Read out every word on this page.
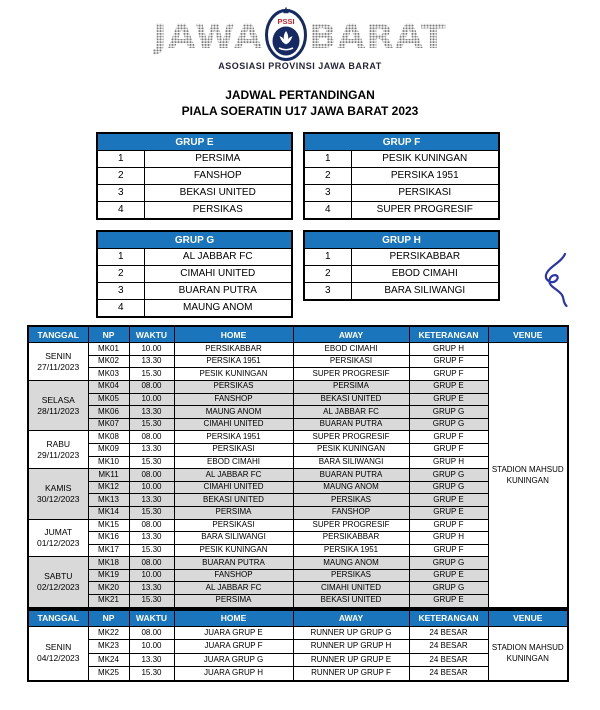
JAWA PSSI BARAT
ASOSIASI PROVINSI JAWA BARAT
JADWAL PERTANDINGAN
PIALA SOERATIN U17 JAWA BARAT 2023
GRUP E	
1	PERSIMA
2	FANSHOP
3	BEKASI UNITED
4	PERSIKAS
GRUP F	
1	PESIK KUNINGAN
2	PERSIKA 1951
3	PERSIKASI
4	SUPER PROGRESIF
GRUP G	
1	AL JABBAR FC
2	CIMAHI UNITED
3	BUARAN PUTRA
4	MAUNG ANOM
GRUP H	
1	PERSIKABBAR
2	EBOD CIMAHI
3	BARA SILIWANGI
TANGGAL	NP	WAKTU	HOME	AWAY	KETERANGAN	VENUE

SENIN
27/11/2023	MK01	10.00	PERSIKABBAR	EBOD CIMAHI	GRUP H	STADION MAHSUD KUNINGAN
	MK02	13.30	PERSIKA 1951	PERSIKASI	GRUP F	
	MK03	15.30	PESIK KUNINGAN	SUPER PROGRESIF	GRUP F	

SELASA
28/11/2023	MK04	08.00	PERSIKAS	PERSIMA	GRUP E	
	MK05	10.00	FANSHOP	BEKASI UNITED	GRUP E	
	MK06	13.30	MAUNG ANOM	AL JABBAR FC	GRUP G	
	MK07	15.30	CIMAHI UNITED	BUARAN PUTRA	GRUP G	

RABU
29/11/2023	MK08	08.00	PERSIKA 1951	SUPER PROGRESIF	GRUP F	
	MK09	13.30	PERSIKASI	PESIK KUNINGAN	GRUP F	
	MK10	15.30	EBOD CIMAHI	BARA SILIWANGI	GRUP H	

KAMIS
30/12/2023	MK11	08.00	AL JABBAR FC	BUARAN PUTRA	GRUP G	
	MK12	10.00	CIMAHI UNITED	MAUNG ANOM	GRUP G	
	MK13	13.30	BEKASI UNITED	PERSIKAS	GRUP E	
	MK14	15.30	PERSIMA	FANSHOP	GRUP E	

JUMAT
01/12/2023	MK15	08.00	PERSIKASI	SUPER PROGRESIF	GRUP F	
	MK16	13.30	BARA SILIWANGI	PERSIKABBAR	GRUP H	
	MK17	15.30	PESIK KUNINGAN	PERSIKA 1951	GRUP F	

SABTU
02/12/2023	MK18	08.00	BUARAN PUTRA	MAUNG ANOM	GRUP G	
	MK19	10.00	FANSHOP	PERSIKAS	GRUP E	
	MK20	13.30	AL JABBAR FC	CIMAHI UNITED	GRUP G	
	MK21	15.30	PERSIMA	BEKASI UNITED	GRUP E	
TANGGAL	NP	WAKTU	HOME	AWAY	KETERANGAN	VENUE

SENIN
04/12/2023	MK22	08.00	JUARA GRUP E	RUNNER UP GRUP G	24 BESAR	STADION MAHSUD KUNINGAN
	MK23	10.00	JUARA GRUP F	RUNNER UP GRUP H	24 BESAR	
	MK24	13.30	JUARA GRUP G	RUNNER UP GRUP E	24 BESAR	
	MK25	15.30	JUARA GRUP H	RUNNER UP GRUP F	24 BESAR	
